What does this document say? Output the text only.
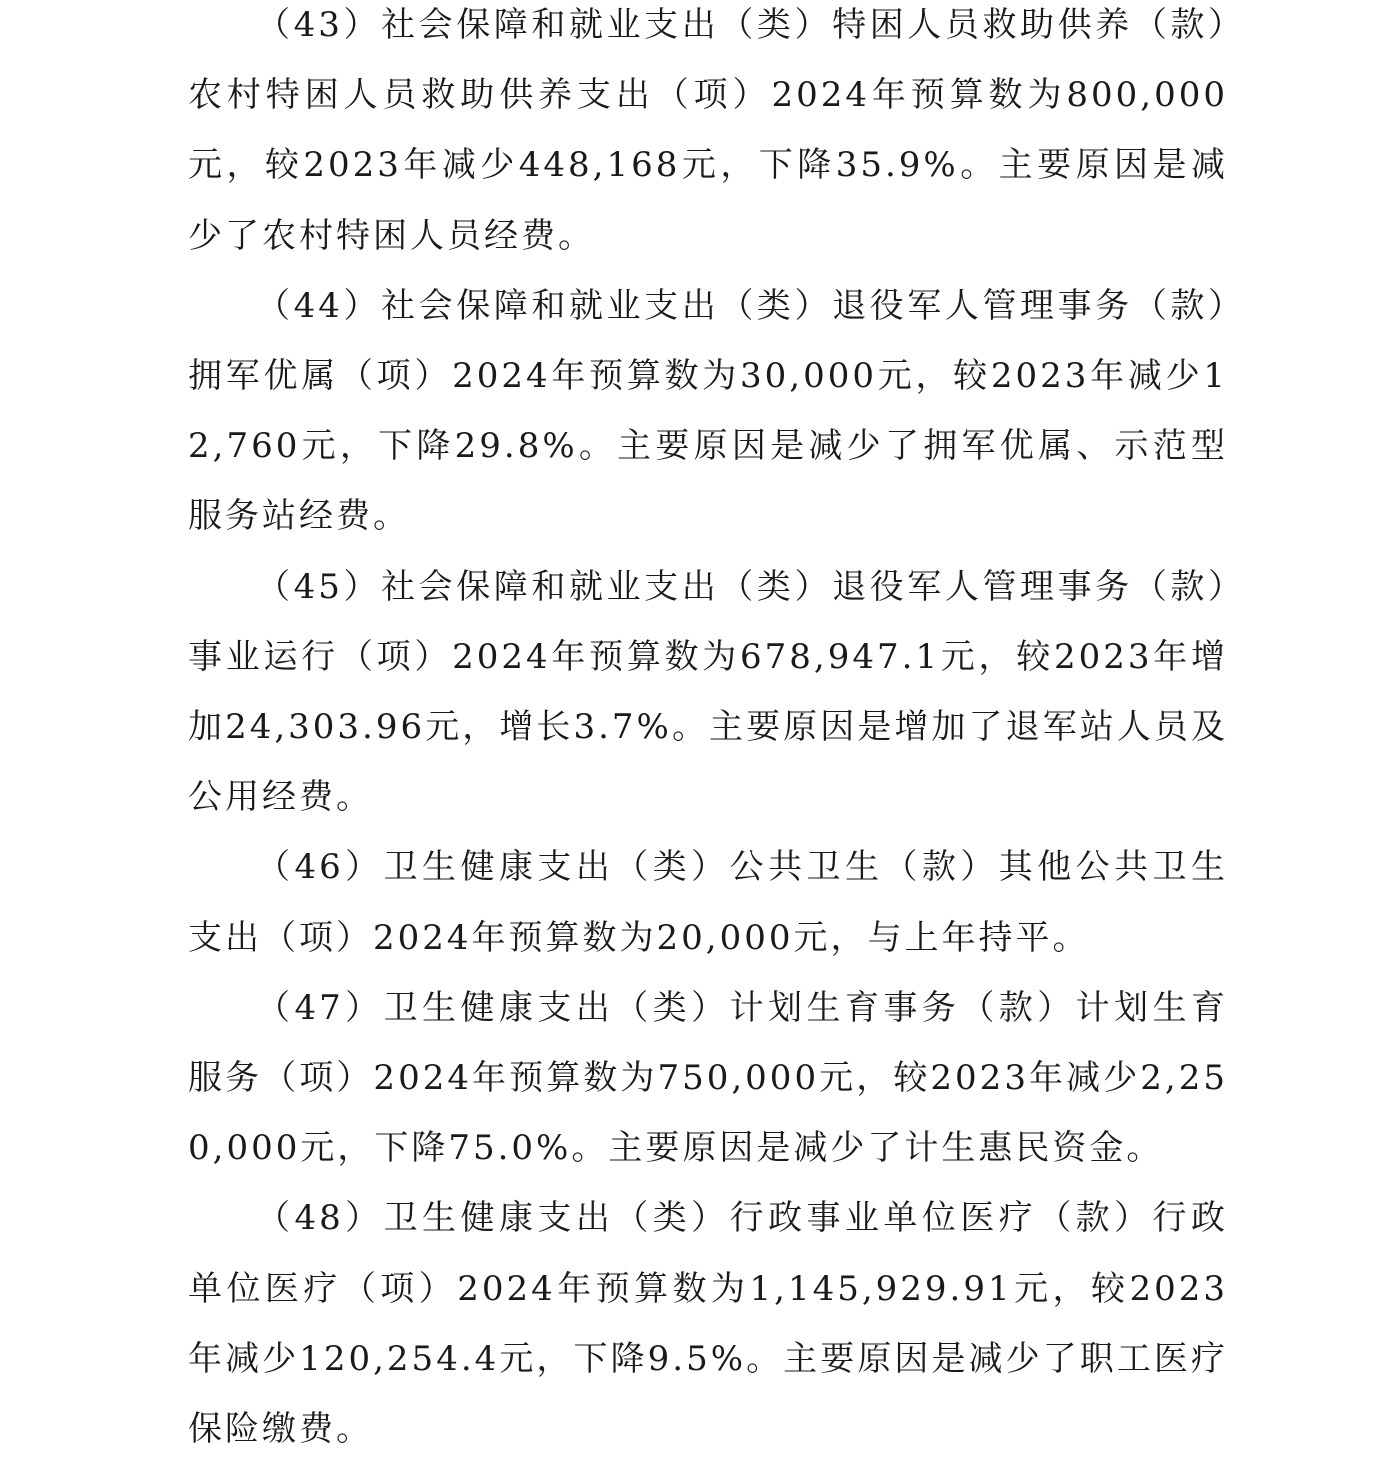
（43）社会保障和就业支出（类）特困人员救助供养（款）农村特困人员救助供养支出（项）2024年预算数为800,000元，较2023年减少448,168元，下降35.9%。主要原因是减少了农村特困人员经费。

（44）社会保障和就业支出（类）退役军人管理事务（款）拥军优属（项）2024年预算数为30,000元，较2023年减少12,760元，下降29.8%。主要原因是减少了拥军优属、示范型服务站经费。

（45）社会保障和就业支出（类）退役军人管理事务（款）事业运行（项）2024年预算数为678,947.1元，较2023年增加24,303.96元，增长3.7%。主要原因是增加了退军站人员及公用经费。

（46）卫生健康支出（类）公共卫生（款）其他公共卫生支出（项）2024年预算数为20,000元，与上年持平。

（47）卫生健康支出（类）计划生育事务（款）计划生育服务（项）2024年预算数为750,000元，较2023年减少2,250,000元，下降75.0%。主要原因是减少了计生惠民资金。

（48）卫生健康支出（类）行政事业单位医疗（款）行政单位医疗（项）2024年预算数为1,145,929.91元，较2023年减少120,254.4元，下降9.5%。主要原因是减少了职工医疗保险缴费。
